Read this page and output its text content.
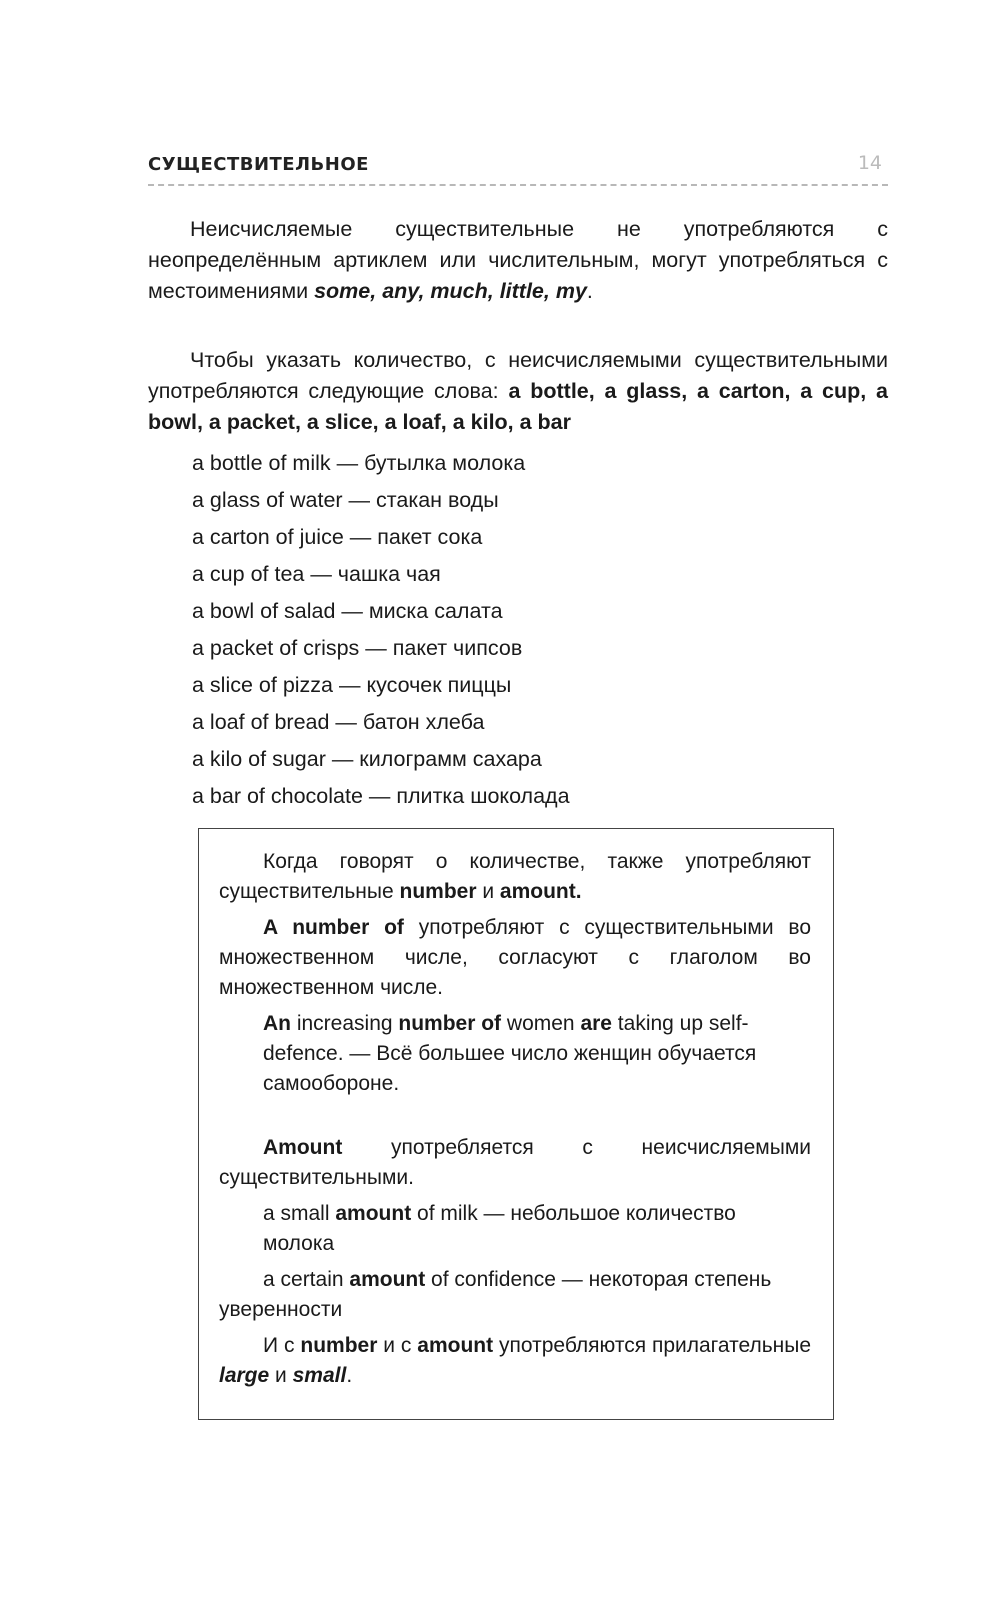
СУЩЕСТВИТЕЛЬНОЕ	14

Неисчисляемые существительные не употребляются с неопределённым артиклем или числительным, могут употребляться с местоимениями some, any, much, little, my.

Чтобы указать количество, с неисчисляемыми существительными употребляются следующие слова: a bottle, a glass, a carton, a cup, a bowl, a packet, a slice, a loaf, a kilo, a bar

a bottle of milk — бутылка молока
a glass of water — стакан воды
a carton of juice — пакет сока
a cup of tea — чашка чая
a bowl of salad — миска салата
a packet of crisps — пакет чипсов
a slice of pizza — кусочек пиццы
a loaf of bread — батон хлеба
a kilo of sugar — килограмм сахара
a bar of chocolate — плитка шоколада

Когда говорят о количестве, также употребляют существительные number и amount.

A number of употребляют с существительными во множественном числе, согласуют с глаголом во множественном числе.

An increasing number of women are taking up self-defence. — Всё большее число женщин обучается самообороне.

Amount употребляется с неисчисляемыми существительными.

a small amount of milk — небольшое количество молока

a certain amount of confidence — некоторая степень уверенности

И с number и с amount употребляются прилагательные large и small.
